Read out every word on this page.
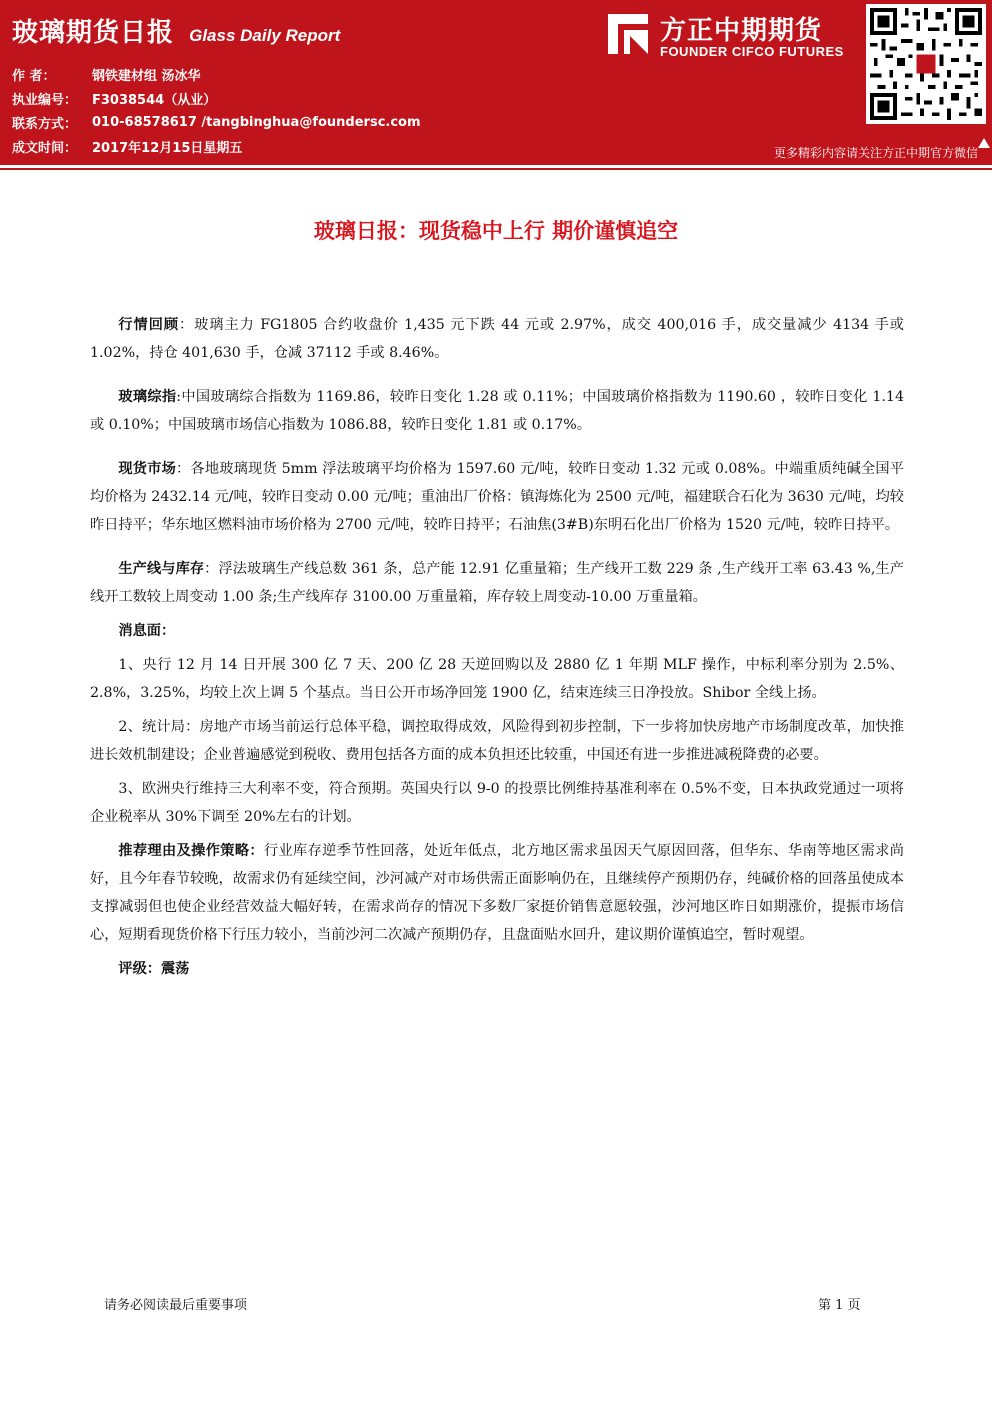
玻璃期货日报 Glass Daily Report
作 者：	钢铁建材组 汤冰华
执业编号：	F3038544（从业）
联系方式：	010-68578617 /tangbinghua@foundersc.com
成文时间：	2017年12月15日星期五
方正中期期货
FOUNDER CIFCO FUTURES
更多精彩内容请关注方正中期官方微信
玻璃日报：现货稳中上行 期价谨慎追空

行情回顾：玻璃主力 FG1805 合约收盘价 1,435 元下跌 44 元或 2.97%，成交 400,016 手，成交量减少 4134 手或 1.02%，持仓 401,630 手，仓减 37112 手或 8.46%。

玻璃综指:中国玻璃综合指数为 1169.86，较昨日变化 1.28 或 0.11%；中国玻璃价格指数为 1190.60 ，较昨日变化 1.14 或 0.10%；中国玻璃市场信心指数为 1086.88，较昨日变化 1.81 或 0.17%。

现货市场：各地玻璃现货 5mm 浮法玻璃平均价格为 1597.60 元/吨，较昨日变动 1.32 元或 0.08%。中端重质纯碱全国平均价格为 2432.14 元/吨，较昨日变动 0.00 元/吨；重油出厂价格：镇海炼化为 2500 元/吨，福建联合石化为 3630 元/吨，均较昨日持平；华东地区燃料油市场价格为 2700 元/吨，较昨日持平；石油焦(3#B)东明石化出厂价格为 1520 元/吨，较昨日持平。

生产线与库存：浮法玻璃生产线总数 361 条，总产能 12.91 亿重量箱；生产线开工数 229 条 ,生产线开工率 63.43 %,生产线开工数较上周变动 1.00 条;生产线库存 3100.00 万重量箱，库存较上周变动-10.00 万重量箱。

消息面：

1、央行 12 月 14 日开展 300 亿 7 天、200 亿 28 天逆回购以及 2880 亿 1 年期 MLF 操作，中标利率分别为 2.5%、2.8%，3.25%，均较上次上调 5 个基点。当日公开市场净回笼 1900 亿，结束连续三日净投放。Shibor 全线上扬。

2、统计局：房地产市场当前运行总体平稳，调控取得成效，风险得到初步控制，下一步将加快房地产市场制度改革，加快推进长效机制建设；企业普遍感觉到税收、费用包括各方面的成本负担还比较重，中国还有进一步推进减税降费的必要。

3、欧洲央行维持三大利率不变，符合预期。英国央行以 9-0 的投票比例维持基准利率在 0.5%不变，日本执政党通过一项将企业税率从 30%下调至 20%左右的计划。

推荐理由及操作策略：行业库存逆季节性回落，处近年低点，北方地区需求虽因天气原因回落，但华东、华南等地区需求尚好，且今年春节较晚，故需求仍有延续空间，沙河减产对市场供需正面影响仍在，且继续停产预期仍存，纯碱价格的回落虽使成本支撑减弱但也使企业经营效益大幅好转，在需求尚存的情况下多数厂家挺价销售意愿较强，沙河地区昨日如期涨价，提振市场信心，短期看现货价格下行压力较小，当前沙河二次减产预期仍存，且盘面贴水回升，建议期价谨慎追空，暂时观望。

评级：震荡

请务必阅读最后重要事项	第 1 页
